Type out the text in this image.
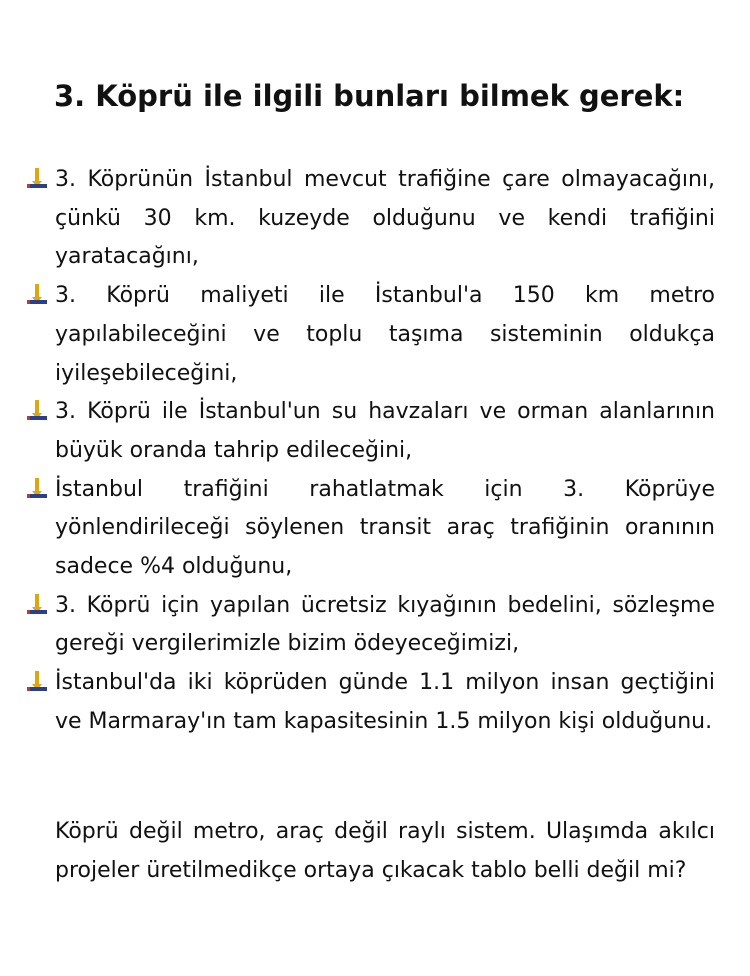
3. Köprü ile ilgili bunları bilmek gerek:
3. Köprünün İstanbul mevcut trafiğine çare olmayacağını, çünkü 30 km. kuzeyde olduğunu ve kendi trafiğini yaratacağını,
3. Köprü maliyeti ile İstanbul'a 150 km metro yapılabileceğini ve toplu taşıma sisteminin oldukça iyileşebileceğini,
3. Köprü ile İstanbul'un su havzaları ve orman alanlarının büyük oranda tahrip edileceğini,
İstanbul trafiğini rahatlatmak için 3. Köprüye yönlendirileceği söylenen transit araç trafiğinin oranının sadece %4 olduğunu,
3. Köprü için yapılan ücretsiz kıyağının bedelini, sözleşme gereği vergilerimizle bizim ödeyeceğimizi,
İstanbul'da iki köprüden günde 1.1 milyon insan geçtiğini ve Marmaray'ın tam kapasitesinin 1.5 milyon kişi olduğunu.

Köprü değil metro, araç değil raylı sistem. Ulaşımda akılcı projeler üretilmedikçe ortaya çıkacak tablo belli değil mi?
